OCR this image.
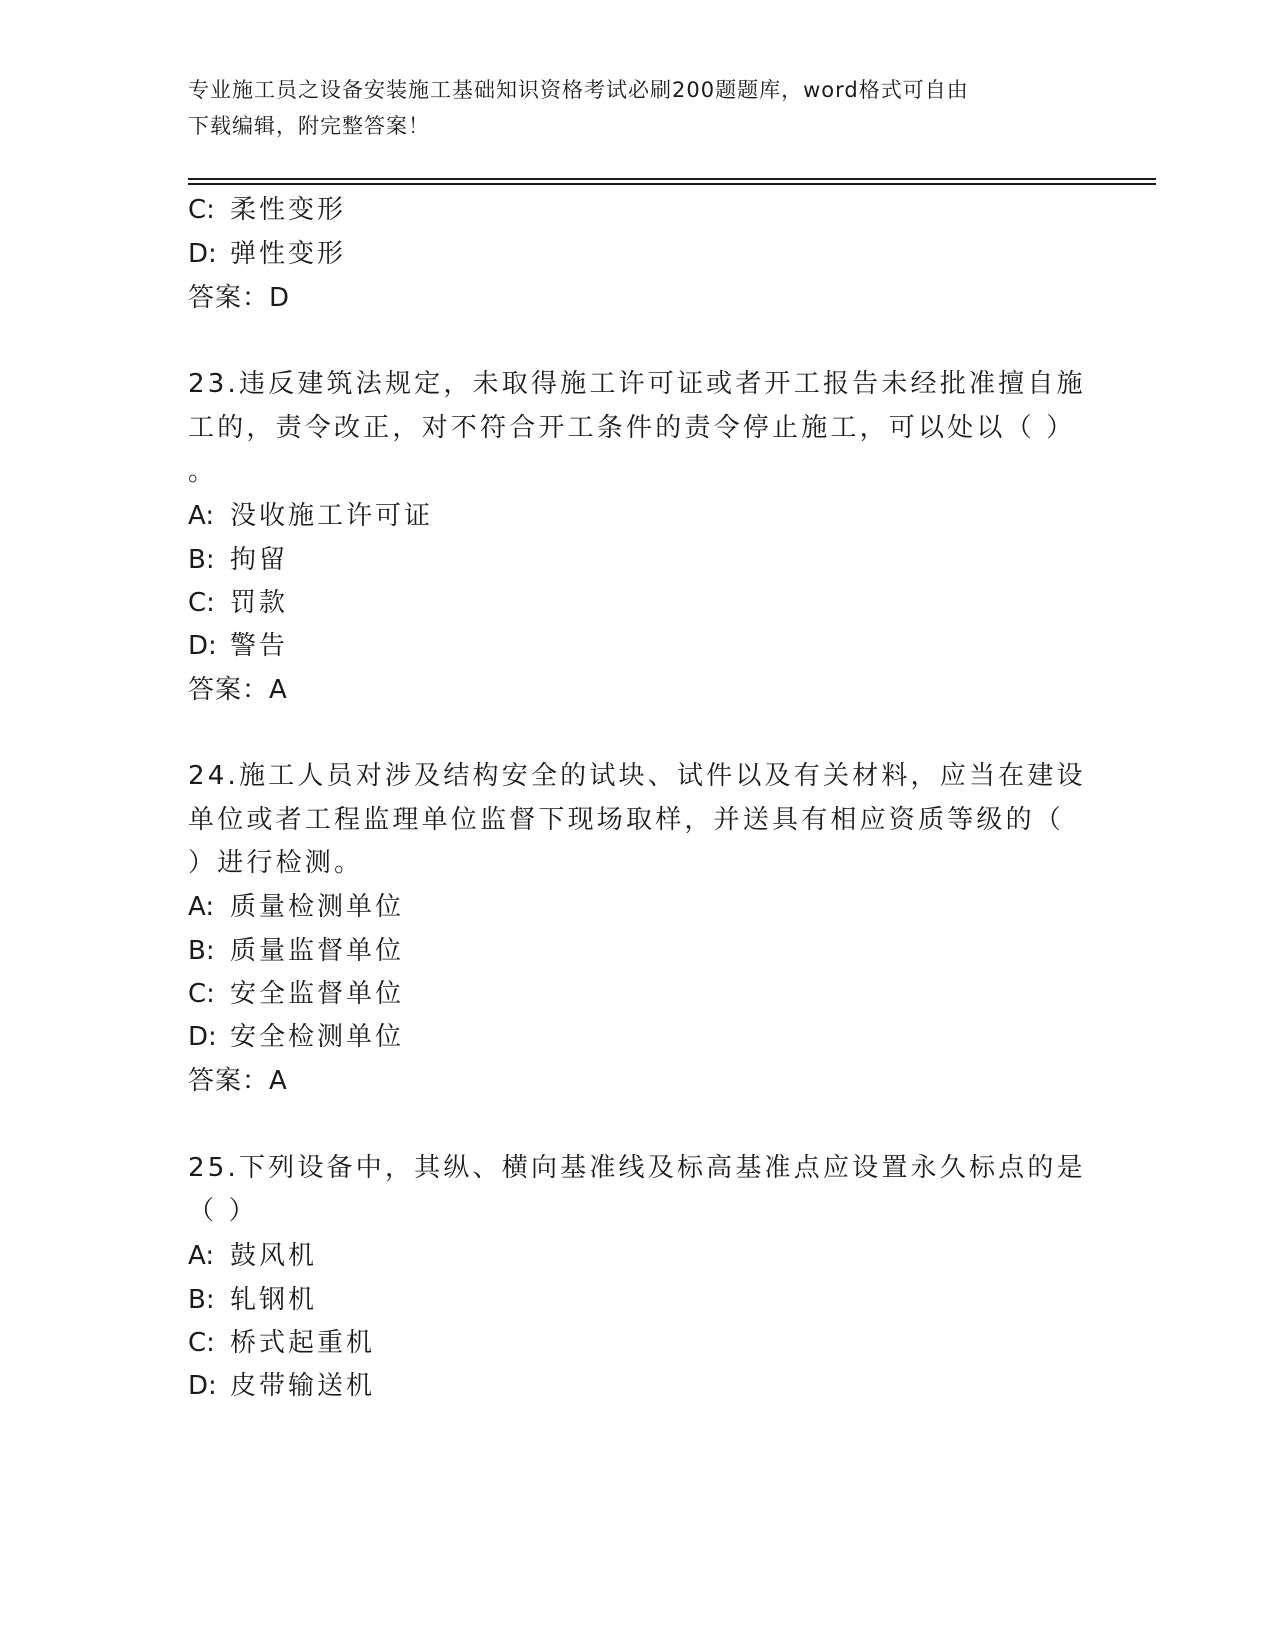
专业施工员之设备安装施工基础知识资格考试必刷200题题库，word格式可自由
下载编辑，附完整答案！
C: 柔性变形
D: 弹性变形
答案：D
23.违反建筑法规定，未取得施工许可证或者开工报告未经批准擅自施
工的，责令改正，对不符合开工条件的责令停止施工，可以处以（ ）
。
A: 没收施工许可证
B: 拘留
C: 罚款
D: 警告
答案：A
24.施工人员对涉及结构安全的试块、试件以及有关材料，应当在建设
单位或者工程监理单位监督下现场取样，并送具有相应资质等级的（
）进行检测。
A: 质量检测单位
B: 质量监督单位
C: 安全监督单位
D: 安全检测单位
答案：A
25.下列设备中，其纵、横向基准线及标高基准点应设置永久标点的是
（ ）
A: 鼓风机
B: 轧钢机
C: 桥式起重机
D: 皮带输送机
